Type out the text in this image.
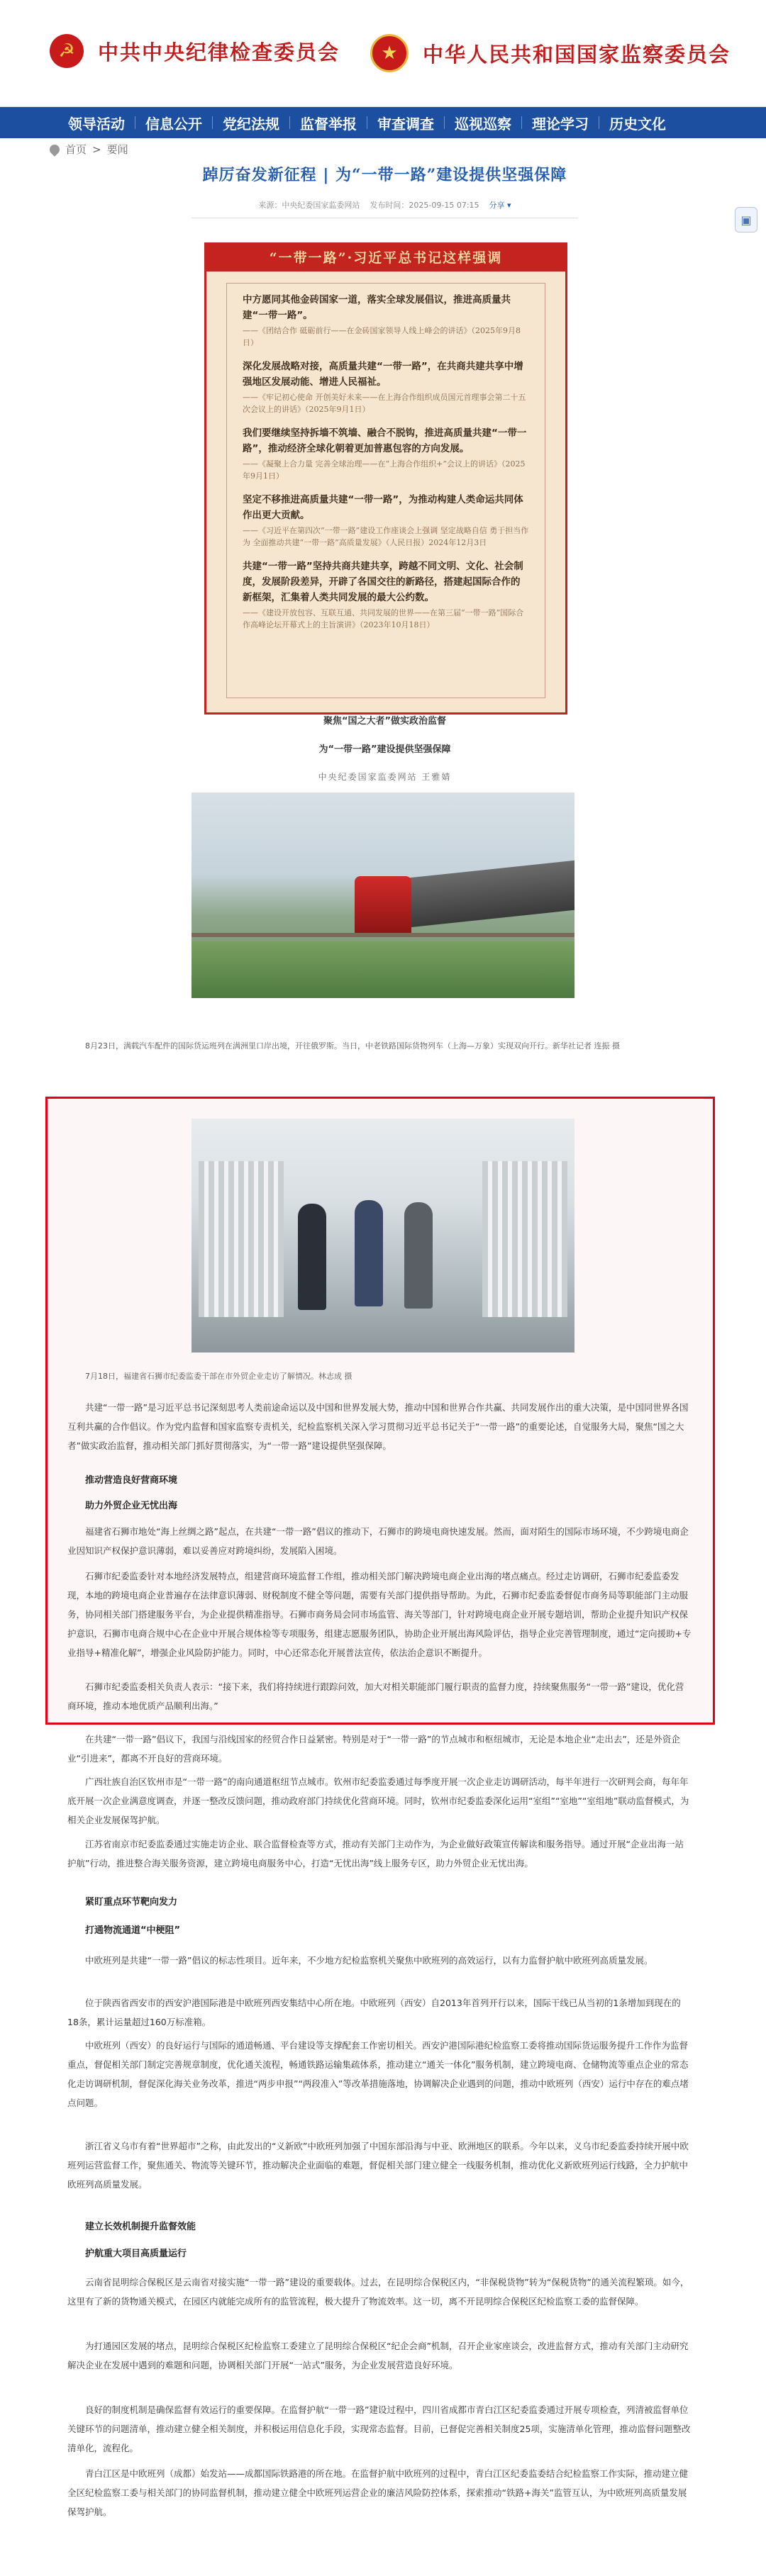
☭	中共中央纪律检查委员会	★	中华人民共和国国家监察委员会
领导活动	信息公开	党纪法规	监督举报	审查调查	巡视巡察	理论学习	历史文化
首页 > 要闻
▣
踔厉奋发新征程 | 为“一带一路”建设提供坚强保障
来源：中央纪委国家监委网站 发布时间：2025-09-15 07:15 分享 ▾
“一带一路”·习近平总书记这样强调
中方愿同其他金砖国家一道，落实全球发展倡议，推进高质量共建“一带一路”。
——《团结合作 砥砺前行——在金砖国家领导人线上峰会的讲话》（2025年9月8日）
深化发展战略对接，高质量共建“一带一路”，在共商共建共享中增强地区发展动能、增进人民福祉。
——《牢记初心使命 开创美好未来——在上海合作组织成员国元首理事会第二十五次会议上的讲话》（2025年9月1日）
我们要继续坚持拆墙不筑墙、融合不脱钩，推进高质量共建“一带一路”，推动经济全球化朝着更加普惠包容的方向发展。
——《凝聚上合力量 完善全球治理——在“上海合作组织+”会议上的讲话》（2025年9月1日）
坚定不移推进高质量共建“一带一路”，为推动构建人类命运共同体作出更大贡献。
——《习近平在第四次“一带一路”建设工作座谈会上强调 坚定战略自信 勇于担当作为 全面推动共建“一带一路”高质量发展》（人民日报）2024年12月3日
共建“一带一路”坚持共商共建共享，跨越不同文明、文化、社会制度，发展阶段差异，开辟了各国交往的新路径，搭建起国际合作的新框架，汇集着人类共同发展的最大公约数。
——《建设开放包容、互联互通、共同发展的世界——在第三届“一带一路”国际合作高峰论坛开幕式上的主旨演讲》（2023年10月18日）
聚焦“国之大者”做实政治监督
为“一带一路”建设提供坚强保障
中央纪委国家监委网站 王雅婧
8月23日，满载汽车配件的国际货运班列在满洲里口岸出境，开往俄罗斯。当日，中老铁路国际货物列车（上海—万象）实现双向开行。新华社记者 连振 摄
7月18日，福建省石狮市纪委监委干部在市外贸企业走访了解情况。林志成 摄

共建“一带一路”是习近平总书记深刻思考人类前途命运以及中国和世界发展大势，推动中国和世界合作共赢、共同发展作出的重大决策，是中国同世界各国互利共赢的合作倡议。作为党内监督和国家监察专责机关，纪检监察机关深入学习贯彻习近平总书记关于“一带一路”的重要论述，自觉服务大局，聚焦“国之大者”做实政治监督，推动相关部门抓好贯彻落实，为“一带一路”建设提供坚强保障。

推动营造良好营商环境
助力外贸企业无忧出海

福建省石狮市地处“海上丝绸之路”起点，在共建“一带一路”倡议的推动下，石狮市的跨境电商快速发展。然而，面对陌生的国际市场环境，不少跨境电商企业因知识产权保护意识薄弱，难以妥善应对跨境纠纷，发展陷入困境。

石狮市纪委监委针对本地经济发展特点，组建营商环境监督工作组，推动相关部门解决跨境电商企业出海的堵点痛点。经过走访调研，石狮市纪委监委发现，本地的跨境电商企业普遍存在法律意识薄弱、财税制度不健全等问题，需要有关部门提供指导帮助。为此，石狮市纪委监委督促市商务局等职能部门主动服务，协同相关部门搭建服务平台，为企业提供精准指导。石狮市商务局会同市场监管、海关等部门，针对跨境电商企业开展专题培训，帮助企业提升知识产权保护意识，石狮市电商合规中心在企业中开展合规体检等专项服务，组建志愿服务团队，协助企业开展出海风险评估，指导企业完善管理制度，通过“定向援助+专业指导+精准化解”，增强企业风险防护能力。同时，中心还常态化开展普法宣传，依法治企意识不断提升。

石狮市纪委监委相关负责人表示：“接下来，我们将持续进行跟踪问效，加大对相关职能部门履行职责的监督力度，持续聚焦服务“一带一路”建设，优化营商环境，推动本地优质产品顺利出海。”

在共建“一带一路”倡议下，我国与沿线国家的经贸合作日益紧密。特别是对于“一带一路”的节点城市和枢纽城市，无论是本地企业“走出去”，还是外资企业“引进来”，都离不开良好的营商环境。

广西壮族自治区钦州市是“一带一路”的南向通道枢纽节点城市。钦州市纪委监委通过每季度开展一次企业走访调研活动，每半年进行一次研判会商，每年年底开展一次企业满意度调查，并逐一整改反馈问题，推动政府部门持续优化营商环境。同时，钦州市纪委监委深化运用“室组”“室地”“室组地”联动监督模式，为相关企业发展保驾护航。

江苏省南京市纪委监委通过实施走访企业、联合监督检查等方式，推动有关部门主动作为，为企业做好政策宣传解读和服务指导。通过开展“企业出海一站护航”行动，推进整合海关服务资源，建立跨境电商服务中心，打造“无忧出海”线上服务专区，助力外贸企业无忧出海。

紧盯重点环节靶向发力
打通物流通道“中梗阻”

中欧班列是共建“一带一路”倡议的标志性项目。近年来，不少地方纪检监察机关聚焦中欧班列的高效运行，以有力监督护航中欧班列高质量发展。

位于陕西省西安市的西安沪港国际港是中欧班列西安集结中心所在地。中欧班列（西安）自2013年首列开行以来，国际干线已从当初的1条增加到现在的18条，累计运量超过160万标准箱。

中欧班列（西安）的良好运行与国际的通道畅通、平台建设等支撑配套工作密切相关。西安沪港国际港纪检监察工委将推动国际货运服务提升工作作为监督重点，督促相关部门制定完善规章制度，优化通关流程，畅通铁路运输集疏体系，推动建立“通关一体化”服务机制，建立跨境电商、仓储物流等重点企业的常态化走访调研机制，督促深化海关业务改革，推进“两步申报”“两段准入”等改革措施落地，协调解决企业遇到的问题，推动中欧班列（西安）运行中存在的难点堵点问题。

浙江省义乌市有着“世界超市”之称，由此发出的“义新欧”中欧班列加强了中国东部沿海与中亚、欧洲地区的联系。今年以来，义乌市纪委监委持续开展中欧班列运营监督工作，聚焦通关、物流等关键环节，推动解决企业面临的难题，督促相关部门建立健全一线服务机制，推动优化义新欧班列运行线路，全力护航中欧班列高质量发展。

建立长效机制提升监督效能
护航重大项目高质量运行

云南省昆明综合保税区是云南省对接实施“一带一路”建设的重要载体。过去，在昆明综合保税区内，“非保税货物”转为“保税货物”的通关流程繁琐。如今，这里有了新的货物通关模式，在园区内就能完成所有的监管流程，极大提升了物流效率。这一切，离不开昆明综合保税区纪检监察工委的监督保障。

为打通园区发展的堵点，昆明综合保税区纪检监察工委建立了昆明综合保税区“纪企会商”机制，召开企业家座谈会，改进监督方式，推动有关部门主动研究解决企业在发展中遇到的难题和问题，协调相关部门开展“一站式”服务，为企业发展营造良好环境。

良好的制度机制是确保监督有效运行的重要保障。在监督护航“一带一路”建设过程中，四川省成都市青白江区纪委监委通过开展专项检查，列清被监督单位关键环节的问题清单，推动建立健全相关制度，并积极运用信息化手段，实现常态监督。目前，已督促完善相关制度25项，实施清单化管理，推动监督问题整改清单化，流程化。

青白江区是中欧班列（成都）始发站——成都国际铁路港的所在地。在监督护航中欧班列的过程中，青白江区纪委监委结合纪检监察工作实际，推动建立健全区纪检监察工委与相关部门的协同监督机制，推动建立健全中欧班列运营企业的廉洁风险防控体系，探索推动“铁路+海关”监管互认，为中欧班列高质量发展保驾护航。
